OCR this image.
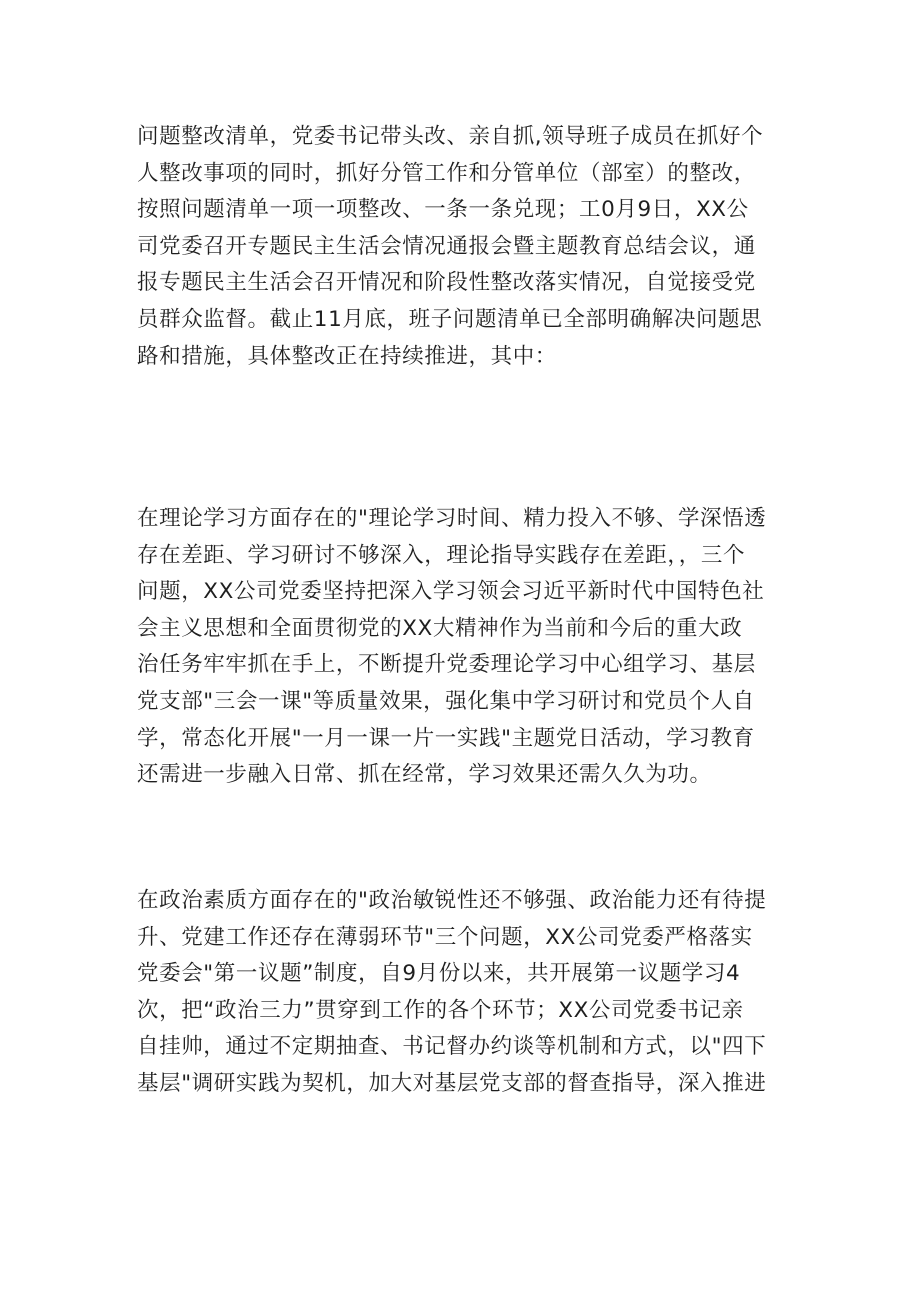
问题整改清单，党委书记带头改、亲自抓,领导班子成员在抓好个
人整改事项的同时，抓好分管工作和分管单位（部室）的整改，
按照问题清单一项一项整改、一条一条兑现；工0月9日，XX公
司党委召开专题民主生活会情况通报会暨主题教育总结会议，通
报专题民主生活会召开情况和阶段性整改落实情况，自觉接受党
员群众监督。截止11月底，班子问题清单已全部明确解决问题思
路和措施，具体整改正在持续推进，其中：

在理论学习方面存在的"理论学习时间、精力投入不够、学深悟透
存在差距、学习研讨不够深入，理论指导实践存在差距，，三个
问题，XX公司党委坚持把深入学习领会习近平新时代中国特色社
会主义思想和全面贯彻党的XX大精神作为当前和今后的重大政
治任务牢牢抓在手上，不断提升党委理论学习中心组学习、基层
党支部"三会一课"等质量效果，强化集中学习研讨和党员个人自
学，常态化开展"一月一课一片一实践"主题党日活动，学习教育
还需进一步融入日常、抓在经常，学习效果还需久久为功。

在政治素质方面存在的"政治敏锐性还不够强、政治能力还有待提
升、党建工作还存在薄弱环节"三个问题，XX公司党委严格落实
党委会"第一议题”制度，自9月份以来，共开展第一议题学习4
次，把“政治三力”贯穿到工作的各个环节；XX公司党委书记亲
自挂帅，通过不定期抽查、书记督办约谈等机制和方式，以"四下
基层"调研实践为契机，加大对基层党支部的督查指导，深入推进
